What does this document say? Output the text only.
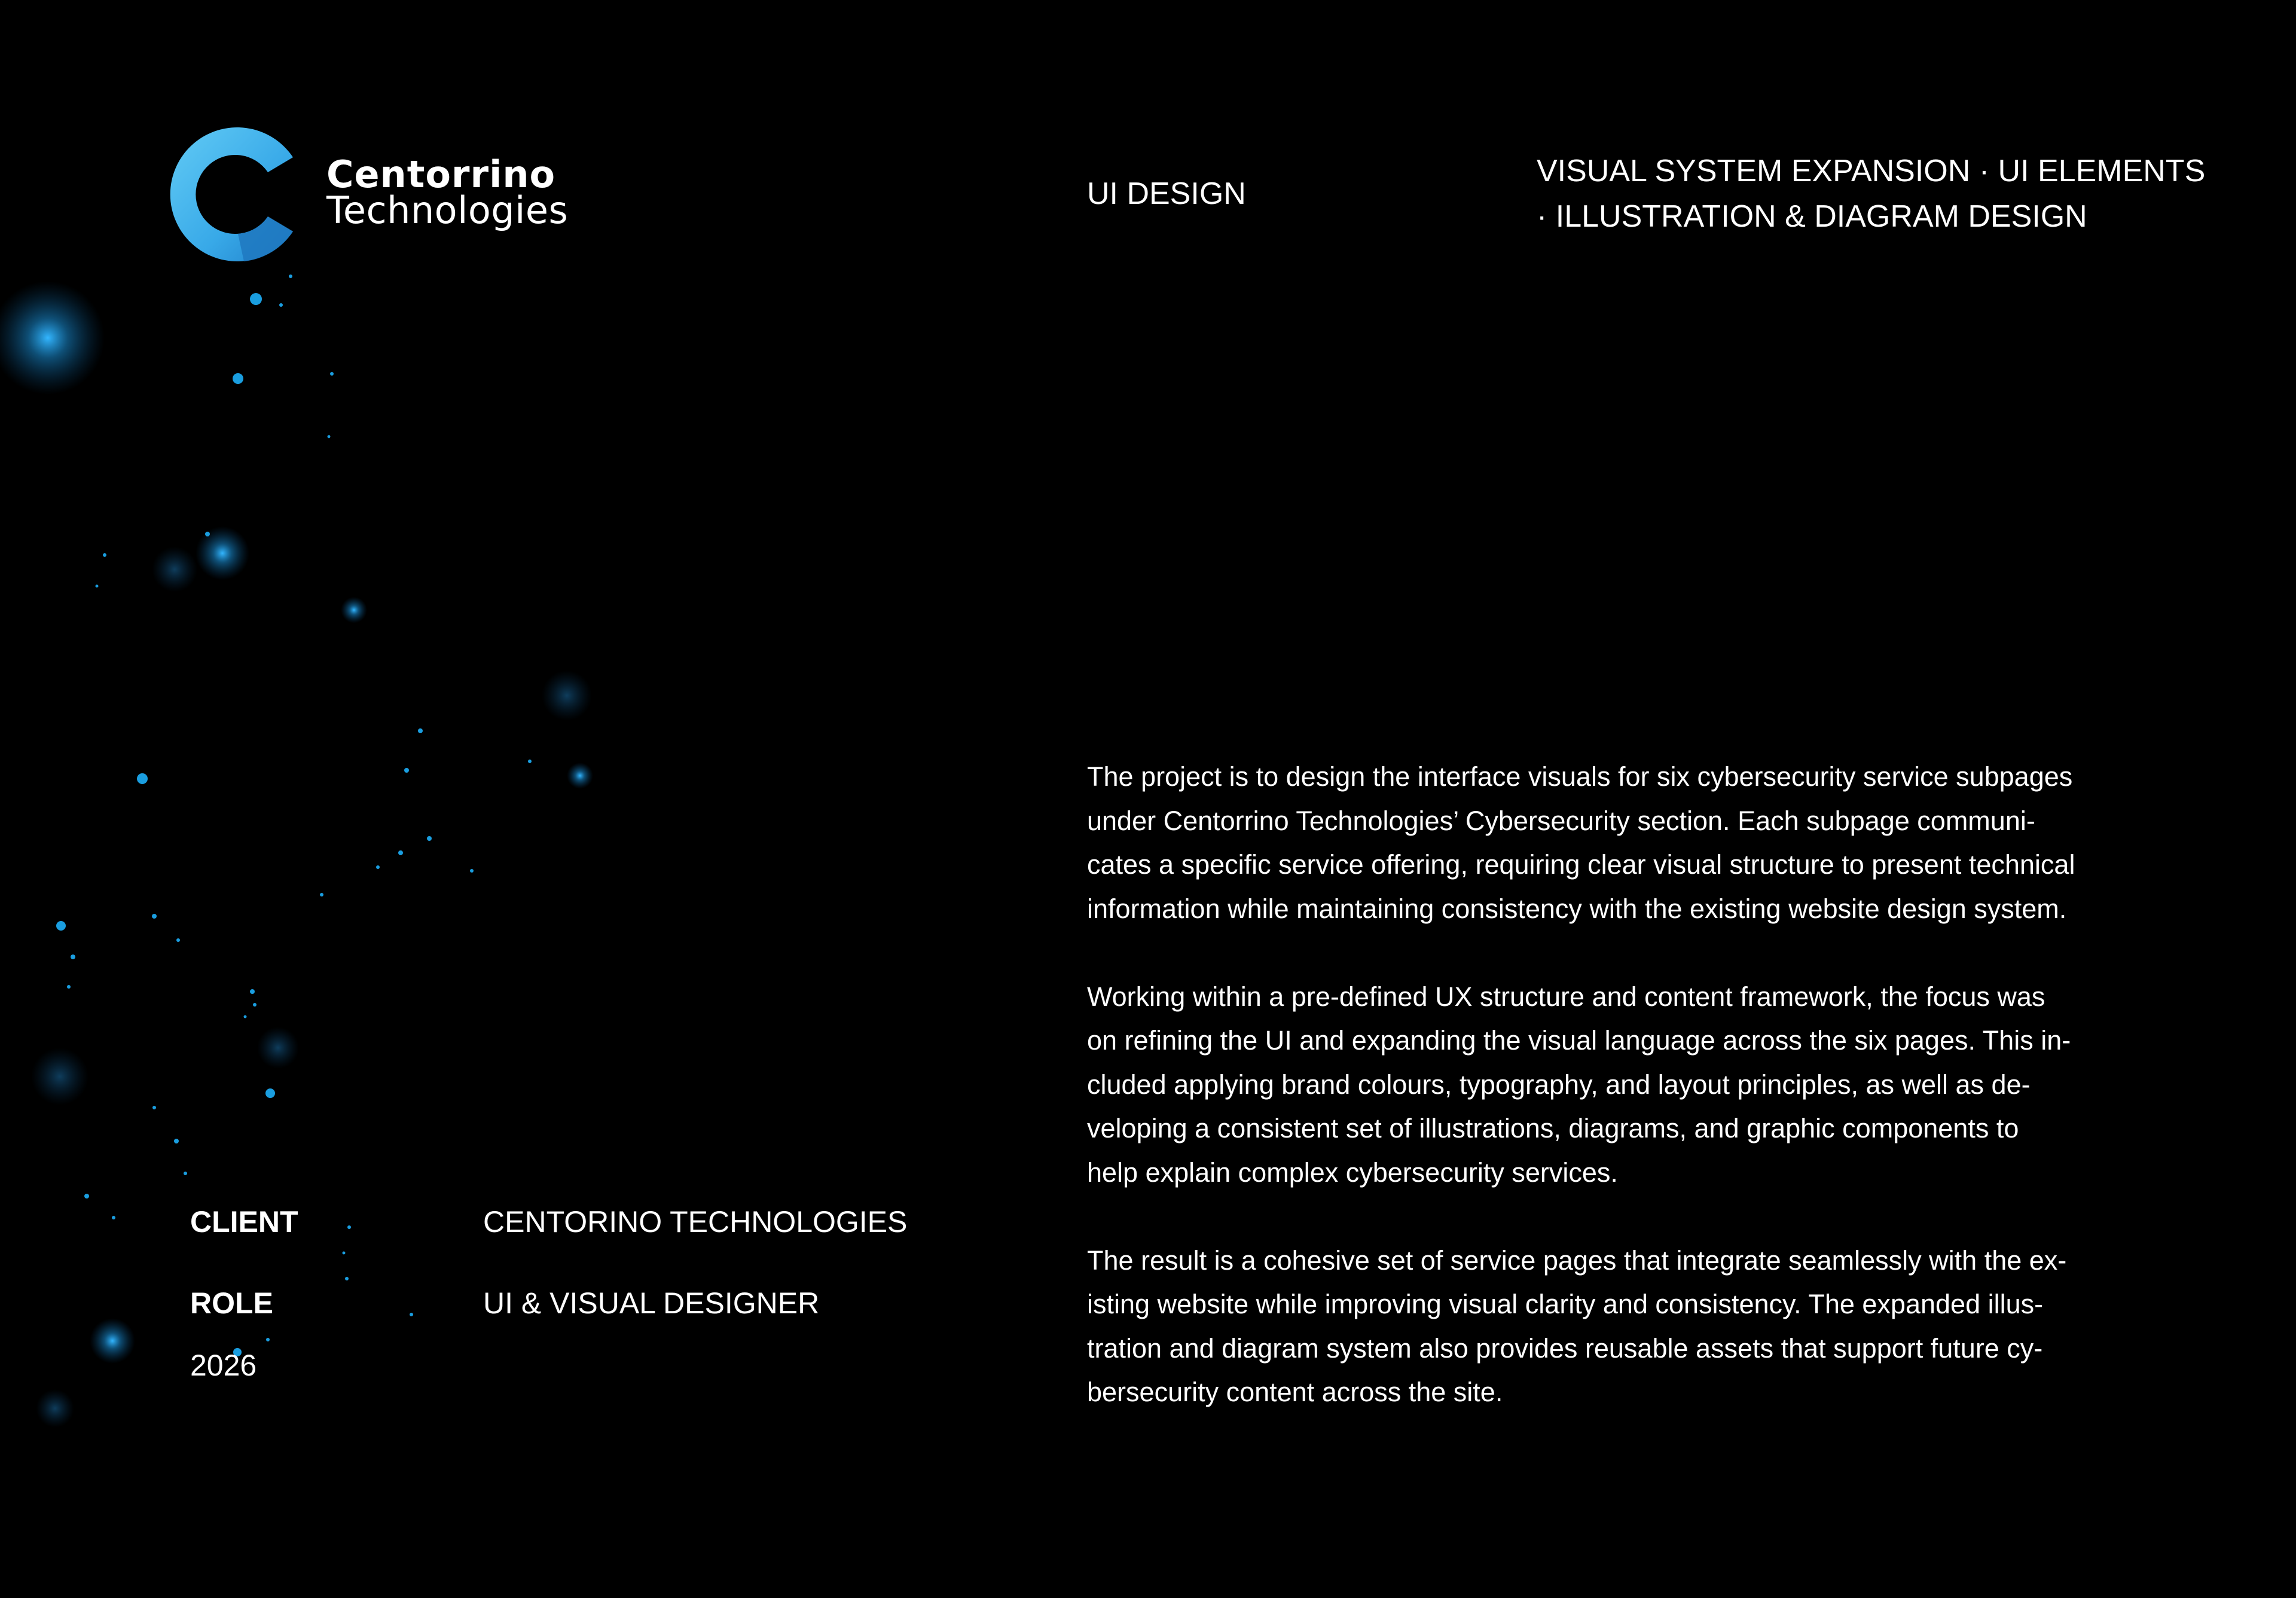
Centorrino
Technologies	UI DESIGN
VISUAL SYSTEM EXPANSION · UI ELEMENTS
· ILLUSTRATION & DIAGRAM DESIGN

The project is to design the interface visuals for six cybersecurity service subpages
under Centorrino Technologies’ Cybersecurity section. Each subpage communi-
cates a specific service offering, requiring clear visual structure to present technical
information while maintaining consistency with the existing website design system.

Working within a pre-defined UX structure and content framework, the focus was
on refining the UI and expanding the visual language across the six pages. This in-
cluded applying brand colours, typography, and layout principles, as well as de-
veloping a consistent set of illustrations, diagrams, and graphic components to
help explain complex cybersecurity services.

The result is a cohesive set of service pages that integrate seamlessly with the ex-
isting website while improving visual clarity and consistency. The expanded illus-
tration and diagram system also provides reusable assets that support future cy-
bersecurity content across the site.

CLIENT	CENTORINO TECHNOLOGIES
ROLE	UI & VISUAL DESIGNER
2026
